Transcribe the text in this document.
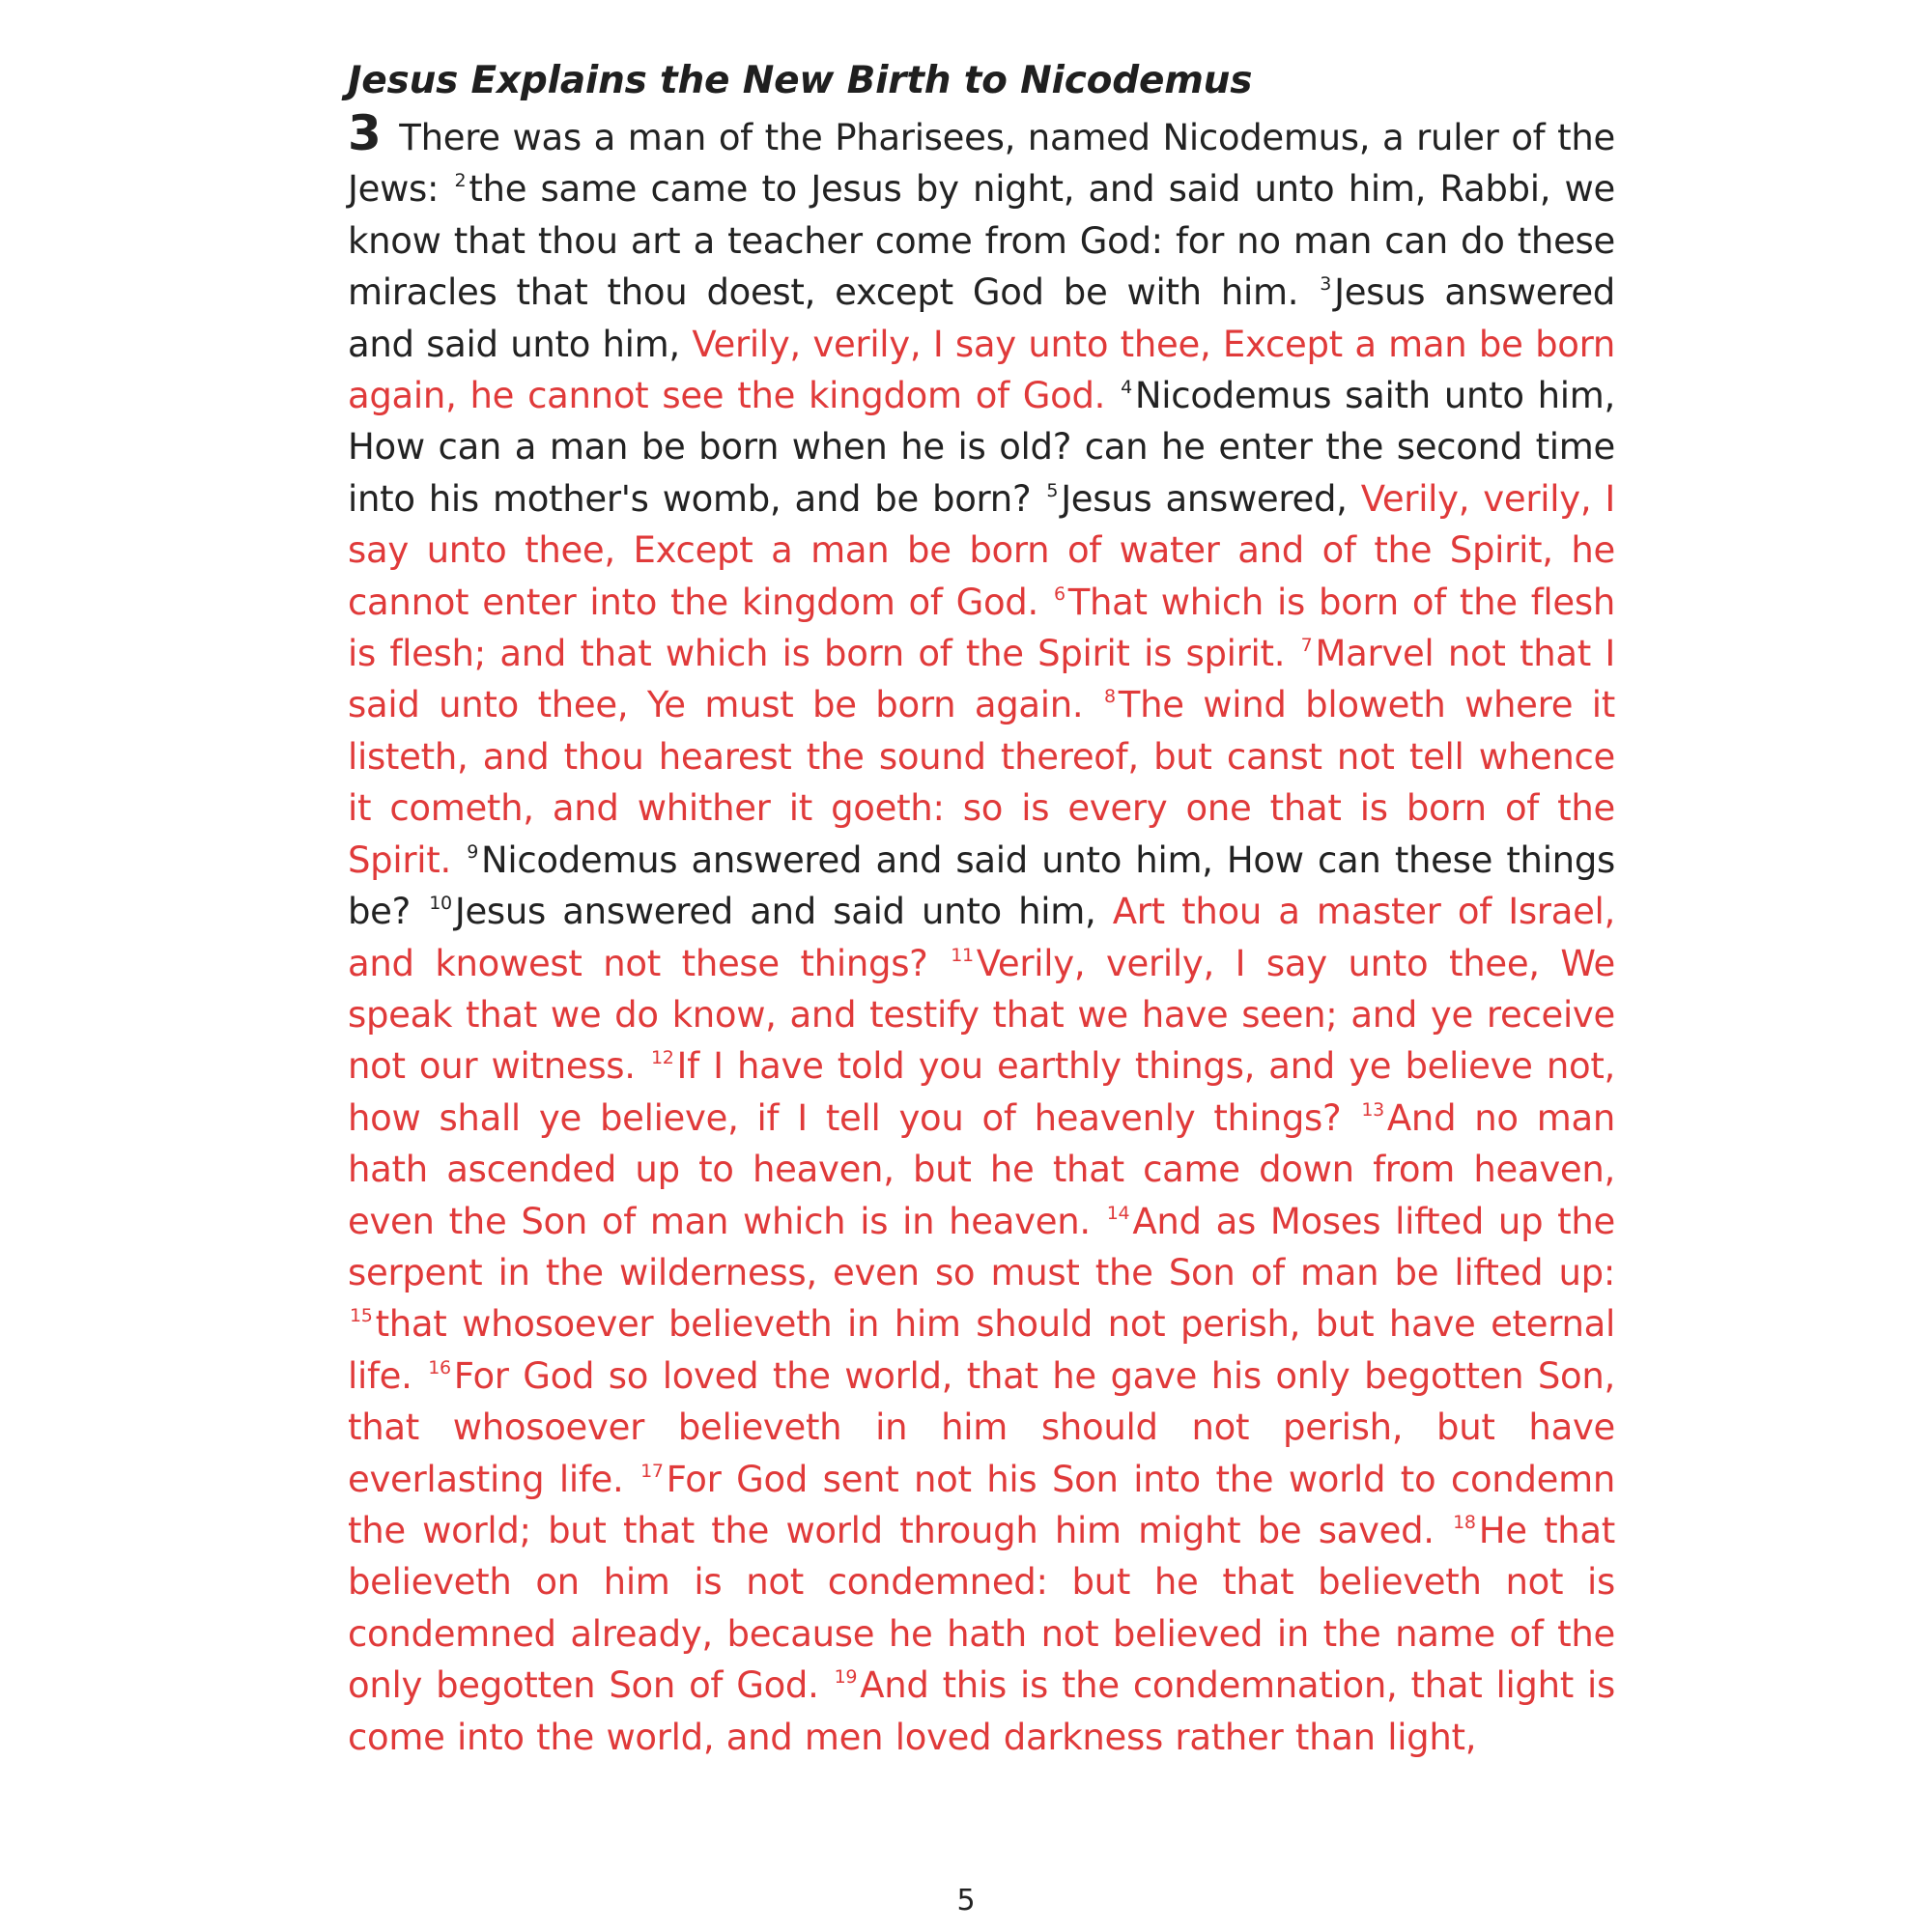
Jesus Explains the New Birth to Nicodemus

3 There was a man of the Pharisees, named Nicodemus, a ruler of the Jews: $^2$the same came to Jesus by night, and said unto him, Rabbi, we know that thou art a teacher come from God: for no man can do these miracles that thou doest, except God be with him. $^3$Jesus answered and said unto him, Verily, verily, I say unto thee, Except a man be born again, he cannot see the kingdom of God. $^4$Nicodemus saith unto him, How can a man be born when he is old? can he enter the second time into his mother's womb, and be born? $^5$Jesus answered, Verily, verily, I say unto thee, Except a man be born of water and of the Spirit, he cannot enter into the kingdom of God. $^6$That which is born of the flesh is flesh; and that which is born of the Spirit is spirit. $^7$Marvel not that I said unto thee, Ye must be born again. $^8$The wind bloweth where it listeth, and thou hearest the sound thereof, but canst not tell whence it cometh, and whither it goeth: so is every one that is born of the Spirit. $^9$Nicodemus answered and said unto him, How can these things be? $^{10}$Jesus answered and said unto him, Art thou a master of Israel, and knowest not these things? $^{11}$Verily, verily, I say unto thee, We speak that we do know, and testify that we have seen; and ye receive not our witness. $^{12}$If I have told you earthly things, and ye believe not, how shall ye believe, if I tell you of heavenly things? $^{13}$And no man hath ascended up to heaven, but he that came down from heaven, even the Son of man which is in heaven. $^{14}$And as Moses lifted up the serpent in the wilderness, even so must the Son of man be lifted up: $^{15}$that whosoever believeth in him should not perish, but have eternal life. $^{16}$For God so loved the world, that he gave his only begotten Son, that whosoever believeth in him should not perish, but have everlasting life. $^{17}$For God sent not his Son into the world to condemn the world; but that the world through him might be saved. $^{18}$He that believeth on him is not condemned: but he that believeth not is condemned already, because he hath not believed in the name of the only begotten Son of God. $^{19}$And this is the condemnation, that light is come into the world, and men loved darkness rather than light,

5
